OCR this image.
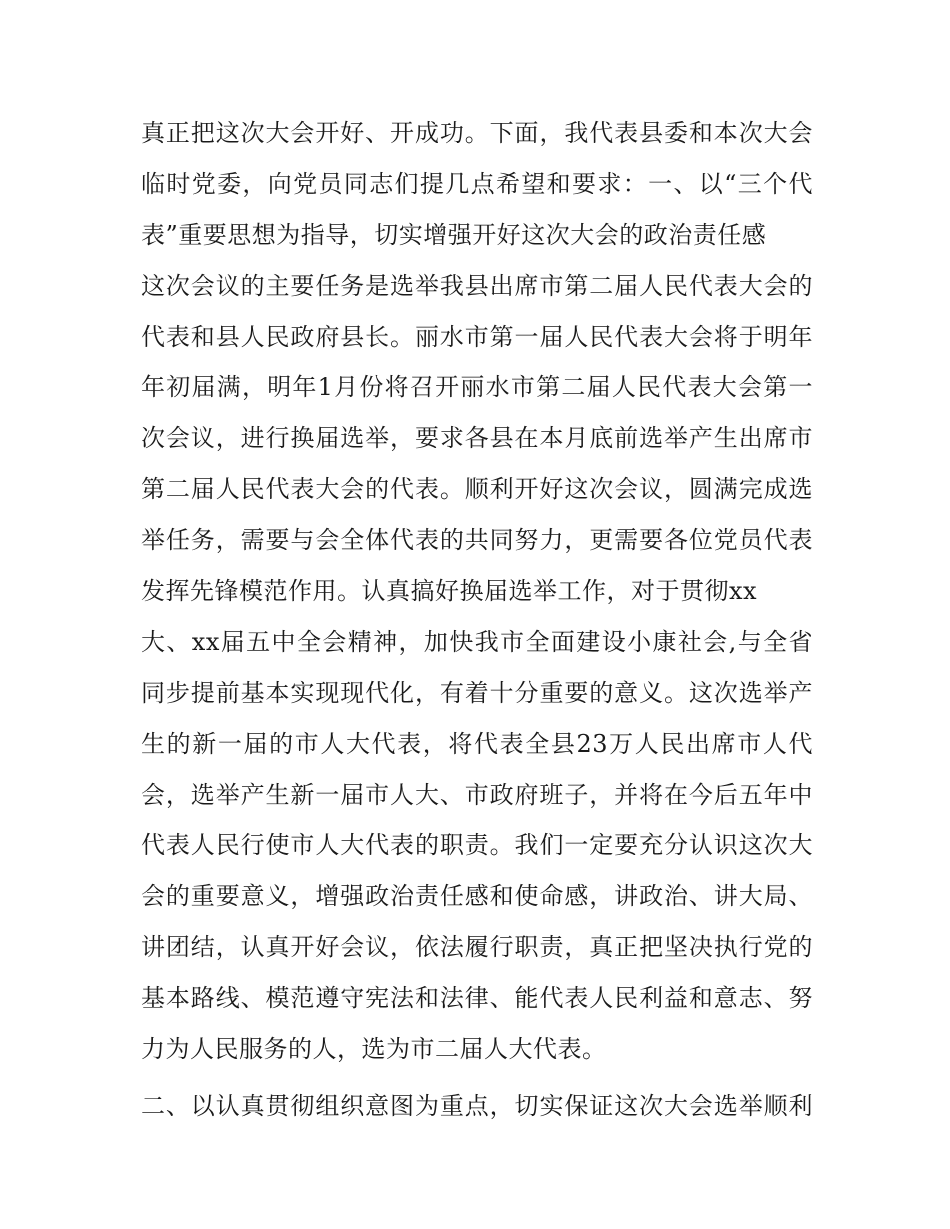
真正把这次大会开好、开成功。下面，我代表县委和本次大会
临时党委，向党员同志们提几点希望和要求：一、以“三个代
表”重要思想为指导，切实增强开好这次大会的政治责任感
这次会议的主要任务是选举我县出席市第二届人民代表大会的
代表和县人民政府县长。丽水市第一届人民代表大会将于明年
年初届满，明年1月份将召开丽水市第二届人民代表大会第一
次会议，进行换届选举，要求各县在本月底前选举产生出席市
第二届人民代表大会的代表。顺利开好这次会议，圆满完成选
举任务，需要与会全体代表的共同努力，更需要各位党员代表
发挥先锋模范作用。认真搞好换届选举工作，对于贯彻xx
大、xx届五中全会精神，加快我市全面建设小康社会,与全省
同步提前基本实现现代化，有着十分重要的意义。这次选举产
生的新一届的市人大代表，将代表全县23万人民出席市人代
会，选举产生新一届市人大、市政府班子，并将在今后五年中
代表人民行使市人大代表的职责。我们一定要充分认识这次大
会的重要意义，增强政治责任感和使命感，讲政治、讲大局、
讲团结，认真开好会议，依法履行职责，真正把坚决执行党的
基本路线、模范遵守宪法和法律、能代表人民利益和意志、努
力为人民服务的人，选为市二届人大代表。
二、以认真贯彻组织意图为重点，切实保证这次大会选举顺利
